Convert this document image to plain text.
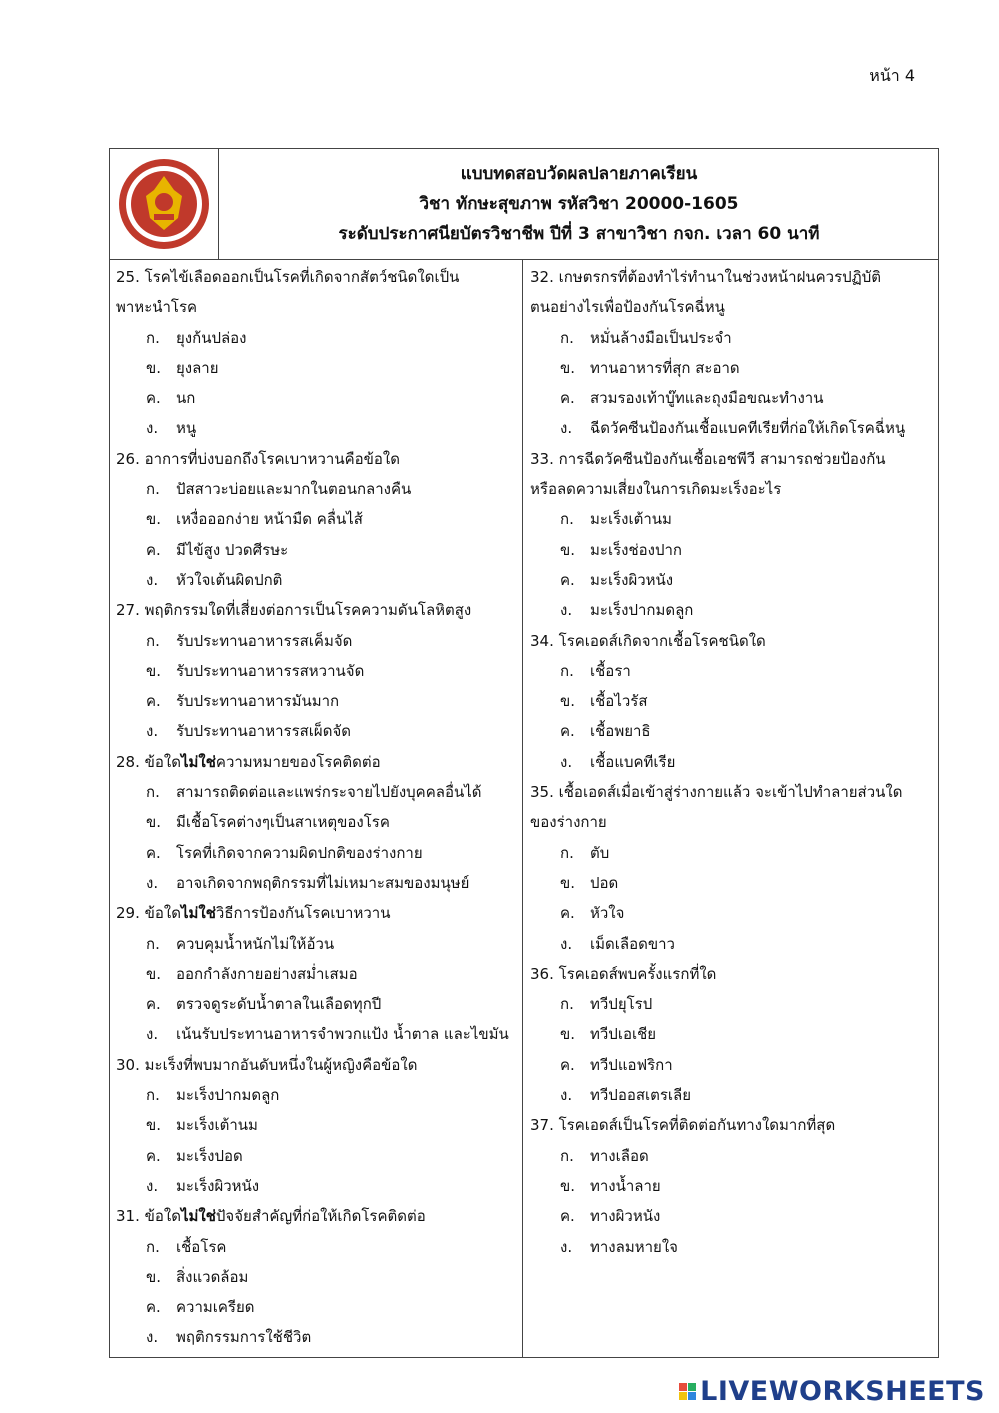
หน้า 4
แบบทดสอบวัดผลปลายภาคเรียน
วิชา ทักษะสุขภาพ รหัสวิชา 20000-1605
ระดับประกาศนียบัตรวิชาชีพ ปีที่ 3 สาขาวิชา กจก. เวลา 60 นาที
25. โรคไข้เลือดออกเป็นโรคที่เกิดจากสัตว์ชนิดใดเป็น
พาหะนำโรค
ก.	ยุงก้นปล่อง
ข. ยุงลาย
ค.	นก
ง.	หนู
26. อาการที่บ่งบอกถึงโรคเบาหวานคือข้อใด
ก.	ปัสสาวะบ่อยและมากในตอนกลางคืน
ข. เหงื่อออกง่าย หน้ามืด คลื่นไส้
ค.	มีไข้สูง ปวดศีรษะ
ง.	หัวใจเต้นผิดปกติ
27. พฤติกรรมใดที่เสี่ยงต่อการเป็นโรคความดันโลหิตสูง
ก.	รับประทานอาหารรสเค็มจัด
ข. รับประทานอาหารรสหวานจัด
ค.	รับประทานอาหารมันมาก
ง.	รับประทานอาหารรสเผ็ดจัด
28. ข้อใดไม่ใช่ความหมายของโรคติดต่อ
ก.	สามารถติดต่อและแพร่กระจายไปยังบุคคลอื่นได้
ข. มีเชื้อโรคต่างๆเป็นสาเหตุของโรค
ค.	โรคที่เกิดจากความผิดปกติของร่างกาย
ง.	อาจเกิดจากพฤติกรรมที่ไม่เหมาะสมของมนุษย์
29. ข้อใดไม่ใช่วิธีการป้องกันโรคเบาหวาน
ก.	ควบคุมน้ำหนักไม่ให้อ้วน
ข. ออกกำลังกายอย่างสม่ำเสมอ
ค.	ตรวจดูระดับน้ำตาลในเลือดทุกปี
ง.	เน้นรับประทานอาหารจำพวกแป้ง น้ำตาล และไขมัน
30. มะเร็งที่พบมากอันดับหนึ่งในผู้หญิงคือข้อใด
ก.	มะเร็งปากมดลูก
ข. มะเร็งเต้านม
ค.	มะเร็งปอด
ง.	มะเร็งผิวหนัง
31. ข้อใดไม่ใช่ปัจจัยสำคัญที่ก่อให้เกิดโรคติดต่อ
ก.	เชื้อโรค
ข. สิ่งแวดล้อม
ค.	ความเครียด
ง.	พฤติกรรมการใช้ชีวิต
32. เกษตรกรที่ต้องทำไร่ทำนาในช่วงหน้าฝนควรปฏิบัติ
ตนอย่างไรเพื่อป้องกันโรคฉี่หนู
ก.	หมั่นล้างมือเป็นประจำ
ข. ทานอาหารที่สุก สะอาด
ค.	สวมรองเท้าบู๊ทและถุงมือขณะทำงาน
ง.	ฉีดวัคซีนป้องกันเชื้อแบคทีเรียที่ก่อให้เกิดโรคฉี่หนู
33. การฉีดวัคซีนป้องกันเชื้อเอชพีวี สามารถช่วยป้องกัน
หรือลดความเสี่ยงในการเกิดมะเร็งอะไร
ก.	มะเร็งเต้านม
ข. มะเร็งช่องปาก
ค.	มะเร็งผิวหนัง
ง.	มะเร็งปากมดลูก
34. โรคเอดส์เกิดจากเชื้อโรคชนิดใด
ก.	เชื้อรา
ข. เชื้อไวรัส
ค.	เชื้อพยาธิ
ง.	เชื้อแบคทีเรีย
35. เชื้อเอดส์เมื่อเข้าสู่ร่างกายแล้ว จะเข้าไปทำลายส่วนใด
ของร่างกาย
ก.	ตับ
ข. ปอด
ค.	หัวใจ
ง.	เม็ดเลือดขาว
36. โรคเอดส์พบครั้งแรกที่ใด
ก.	ทวีปยุโรป
ข. ทวีปเอเชีย
ค.	ทวีปแอฟริกา
ง.	ทวีปออสเตรเลีย
37. โรคเอดส์เป็นโรคที่ติดต่อกันทางใดมากที่สุด
ก.	ทางเลือด
ข. ทางน้ำลาย
ค.	ทางผิวหนัง
ง.	ทางลมหายใจ
LIVEWORKSHEETS
